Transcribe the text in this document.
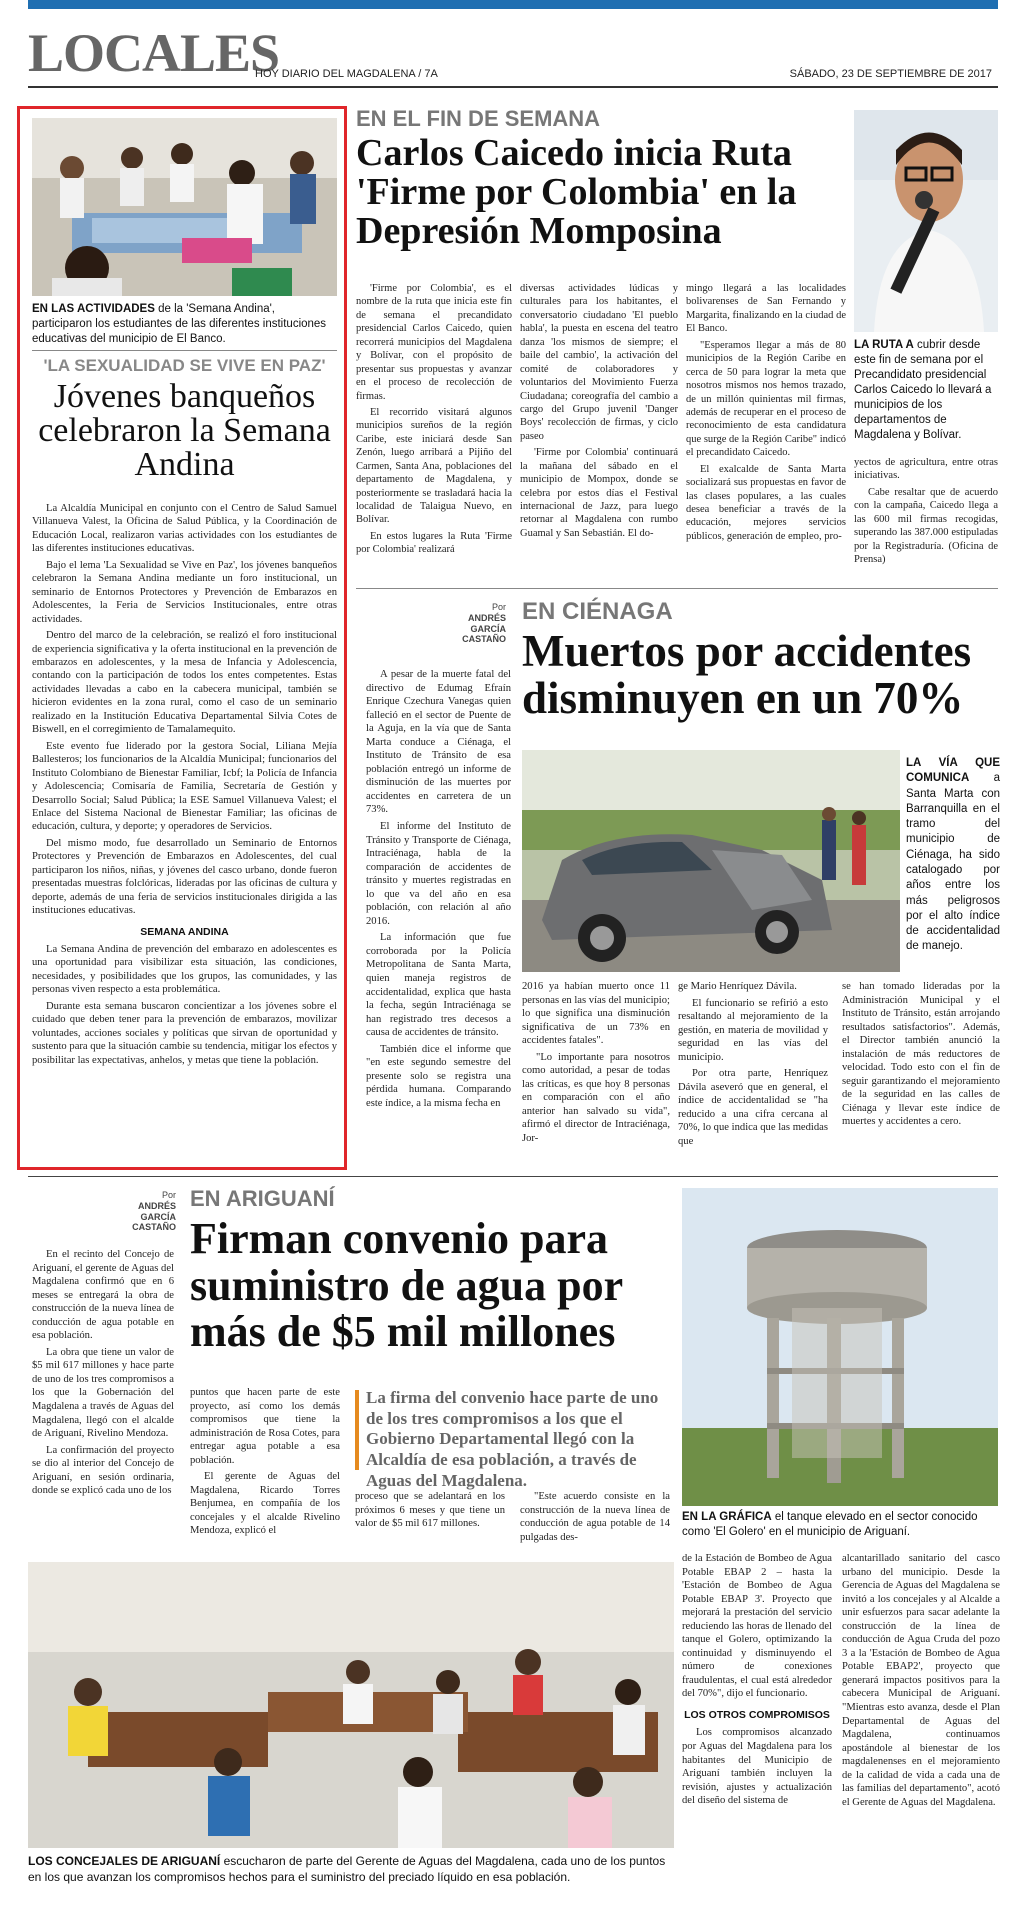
LOCALES
HOY DIARIO DEL MAGDALENA / 7A	SÁBADO, 23 DE SEPTIEMBRE DE 2017
EN LAS ACTIVIDADES de la 'Semana Andina', participaron los estudiantes de las diferentes instituciones educativas del municipio de El Banco.
'LA SEXUALIDAD SE VIVE EN PAZ'
Jóvenes banqueños celebraron la Semana Andina

La Alcaldía Municipal en conjunto con el Centro de Salud Samuel Villanueva Valest, la Oficina de Salud Pública, y la Coordinación de Educación Local, realizaron varias actividades con los estudiantes de las diferentes instituciones educativas.

Bajo el lema 'La Sexualidad se Vive en Paz', los jóvenes banqueños celebraron la Semana Andina mediante un foro institucional, un seminario de Entornos Protectores y Prevención de Embarazos en Adolescentes, la Feria de Servicios Institucionales, entre otras actividades.

Dentro del marco de la celebración, se realizó el foro institucional de experiencia significativa y la oferta institucional en la prevención de embarazos en adolescentes, y la mesa de Infancia y Adolescencia, contando con la participación de todos los entes competentes. Estas actividades llevadas a cabo en la cabecera municipal, también se hicieron evidentes en la zona rural, como el caso de un seminario realizado en la Institución Educativa Departamental Silvia Cotes de Biswell, en el corregimiento de Tamalamequito.

Este evento fue liderado por la gestora Social, Liliana Mejía Ballesteros; los funcionarios de la Alcaldía Municipal; funcionarios del Instituto Colombiano de Bienestar Familiar, Icbf; la Policía de Infancia y Adolescencia; Comisaría de Familia, Secretaría de Gestión y Desarrollo Social; Salud Pública; la ESE Samuel Villanueva Valest; el Enlace del Sistema Nacional de Bienestar Familiar; las oficinas de educación, cultura, y deporte; y operadores de Servicios.

Del mismo modo, fue desarrollado un Seminario de Entornos Protectores y Prevención de Embarazos en Adolescentes, del cual participaron los niños, niñas, y jóvenes del casco urbano, donde fueron presentadas muestras folclóricas, lideradas por las oficinas de cultura y deporte, además de una feria de servicios institucionales dirigida a las instituciones educativas.

SEMANA ANDINA

La Semana Andina de prevención del embarazo en adolescentes es una oportunidad para visibilizar esta situación, las condiciones, necesidades, y posibilidades que los grupos, las comunidades, y las personas viven respecto a esta problemática.

Durante esta semana buscaron concientizar a los jóvenes sobre el cuidado que deben tener para la prevención de embarazos, movilizar voluntades, acciones sociales y políticas que sirvan de oportunidad y sustento para que la situación cambie su tendencia, mitigar los efectos y posibilitar las expectativas, anhelos, y metas que tiene la población.

EN EL FIN DE SEMANA
Carlos Caicedo inicia Ruta 'Firme por Colombia' en la Depresión Momposina

'Firme por Colombia', es el nombre de la ruta que inicia este fin de semana el precandidato presidencial Carlos Caicedo, quien recorrerá municipios del Magdalena y Bolívar, con el propósito de presentar sus propuestas y avanzar en el proceso de recolección de firmas.

El recorrido visitará algunos municipios sureños de la región Caribe, este iniciará desde San Zenón, luego arribará a Pijiño del Carmen, Santa Ana, poblaciones del departamento de Magdalena, y posteriormente se trasladará hacia la localidad de Talaigua Nuevo, en Bolívar.

En estos lugares la Ruta 'Firme por Colombia' realizará

diversas actividades lúdicas y culturales para los habitantes, el conversatorio ciudadano 'El pueblo habla', la puesta en escena del teatro danza 'los mismos de siempre; el baile del cambio', la activación del comité de colaboradores y voluntarios del Movimiento Fuerza Ciudadana; coreografía del cambio a cargo del Grupo juvenil 'Danger Boys' recolección de firmas, y ciclo paseo

'Firme por Colombia' continuará la mañana del sábado en el municipio de Mompox, donde se celebra por estos días el Festival internacional de Jazz, para luego retornar al Magdalena con rumbo Guamal y San Sebastián. El do-

mingo llegará a las localidades bolivarenses de San Fernando y Margarita, finalizando en la ciudad de El Banco.

"Esperamos llegar a más de 80 municipios de la Región Caribe en cerca de 50 para lograr la meta que nosotros mismos nos hemos trazado, de un millón quinientas mil firmas, además de recuperar en el proceso de reconocimiento de esta candidatura que surge de la Región Caribe" indicó el precandidato Caicedo.

El exalcalde de Santa Marta socializará sus propuestas en favor de las clases populares, a las cuales desea beneficiar a través de la educación, mejores servicios públicos, generación de empleo, pro-

LA RUTA A cubrir desde este fin de semana por el Precandidato presidencial Carlos Caicedo lo llevará a municipios de los departamentos de Magdalena y Bolívar.

yectos de agricultura, entre otras iniciativas.

Cabe resaltar que de acuerdo con la campaña, Caicedo llega a las 600 mil firmas recogidas, superando las 387.000 estipuladas por la Registraduría. (Oficina de Prensa)

Por
ANDRÉS GARCÍA CASTAÑO
EN CIÉNAGA
Muertos por accidentes disminuyen en un 70%

A pesar de la muerte fatal del directivo de Edumag Efraín Enrique Czechura Vanegas quien falleció en el sector de Puente de la Aguja, en la vía que de Santa Marta conduce a Ciénaga, el Instituto de Tránsito de esa población entregó un informe de disminución de las muertes por accidentes en carretera de un 73%.

El informe del Instituto de Tránsito y Transporte de Ciénaga, Intraciénaga, habla de la comparación de accidentes de tránsito y muertes registradas en lo que va del año en esa población, con relación al año 2016.

La información que fue corroborada por la Policía Metropolitana de Santa Marta, quien maneja registros de accidentalidad, explica que hasta la fecha, según Intraciénaga se han registrado tres decesos a causa de accidentes de tránsito.

También dice el informe que "en este segundo semestre del presente solo se registra una pérdida humana. Comparando este índice, a la misma fecha en

LA VÍA QUE COMUNICA a Santa Marta con Barranquilla en el tramo del municipio de Ciénaga, ha sido catalogado por años entre los más peligrosos por el alto índice de accidentalidad de manejo.

2016 ya habían muerto once 11 personas en las vías del municipio; lo que significa una disminución significativa de un 73% en accidentes fatales".

"Lo importante para nosotros como autoridad, a pesar de todas las críticas, es que hoy 8 personas en comparación con el año anterior han salvado su vida", afirmó el director de Intraciénaga, Jor-

ge Mario Henríquez Dávila.

El funcionario se refirió a esto resaltando al mejoramiento de la gestión, en materia de movilidad y seguridad en las vías del municipio.

Por otra parte, Henríquez Dávila aseveró que en general, el índice de accidentalidad se "ha reducido a una cifra cercana al 70%, lo que indica que las medidas que

se han tomado lideradas por la Administración Municipal y el Instituto de Tránsito, están arrojando resultados satisfactorios". Además, el Director también anunció la instalación de más reductores de velocidad. Todo esto con el fin de seguir garantizando el mejoramiento de la seguridad en las calles de Ciénaga y llevar este índice de muertes y accidentes a cero.

Por
ANDRÉS GARCÍA CASTAÑO
EN ARIGUANÍ
Firman convenio para suministro de agua por más de $5 mil millones

En el recinto del Concejo de Ariguaní, el gerente de Aguas del Magdalena confirmó que en 6 meses se entregará la obra de construcción de la nueva línea de conducción de agua potable en esa población.

La obra que tiene un valor de $5 mil 617 millones y hace parte de uno de los tres compromisos a los que la Gobernación del Magdalena a través de Aguas del Magdalena, llegó con el alcalde de Ariguaní, Rivelino Mendoza.

La confirmación del proyecto se dio al interior del Concejo de Ariguaní, en sesión ordinaria, donde se explicó cada uno de los

puntos que hacen parte de este proyecto, así como los demás compromisos que tiene la administración de Rosa Cotes, para entregar agua potable a esa población.

El gerente de Aguas del Magdalena, Ricardo Torres Benjumea, en compañía de los concejales y el alcalde Rivelino Mendoza, explicó el

La firma del convenio hace parte de uno de los tres compromisos a los que el Gobierno Departamental llegó con la Alcaldía de esa población, a través de Aguas del Magdalena.

proceso que se adelantará en los próximos 6 meses y que tiene un valor de $5 mil 617 millones.

"Este acuerdo consiste en la construcción de la nueva línea de conducción de agua potable de 14 pulgadas des-

EN LA GRÁFICA el tanque elevado en el sector conocido como 'El Golero' en el municipio de Ariguaní.
LOS CONCEJALES DE ARIGUANÍ escucharon de parte del Gerente de Aguas del Magdalena, cada uno de los puntos en los que avanzan los compromisos hechos para el suministro del preciado líquido en esa población.

de la Estación de Bombeo de Agua Potable EBAP 2 – hasta la 'Estación de Bombeo de Agua Potable EBAP 3'. Proyecto que mejorará la prestación del servicio reduciendo las horas de llenado del tanque el Golero, optimizando la continuidad y disminuyendo el número de conexiones fraudulentas, el cual está alrededor del 70%", dijo el funcionario.

LOS OTROS COMPROMISOS

Los compromisos alcanzado por Aguas del Magdalena para los habitantes del Municipio de Ariguaní también incluyen la revisión, ajustes y actualización del diseño del sistema de

alcantarillado sanitario del casco urbano del municipio. Desde la Gerencia de Aguas del Magdalena se invitó a los concejales y al Alcalde a unir esfuerzos para sacar adelante la construcción de la línea de conducción de Agua Cruda del pozo 3 a la 'Estación de Bombeo de Agua Potable EBAP2', proyecto que generará impactos positivos para la cabecera Municipal de Ariguaní. "Mientras esto avanza, desde el Plan Departamental de Aguas del Magdalena, continuamos apostándole al bienestar de los magdalenenses en el mejoramiento de la calidad de vida a cada una de las familias del departamento", acotó el Gerente de Aguas del Magdalena.
